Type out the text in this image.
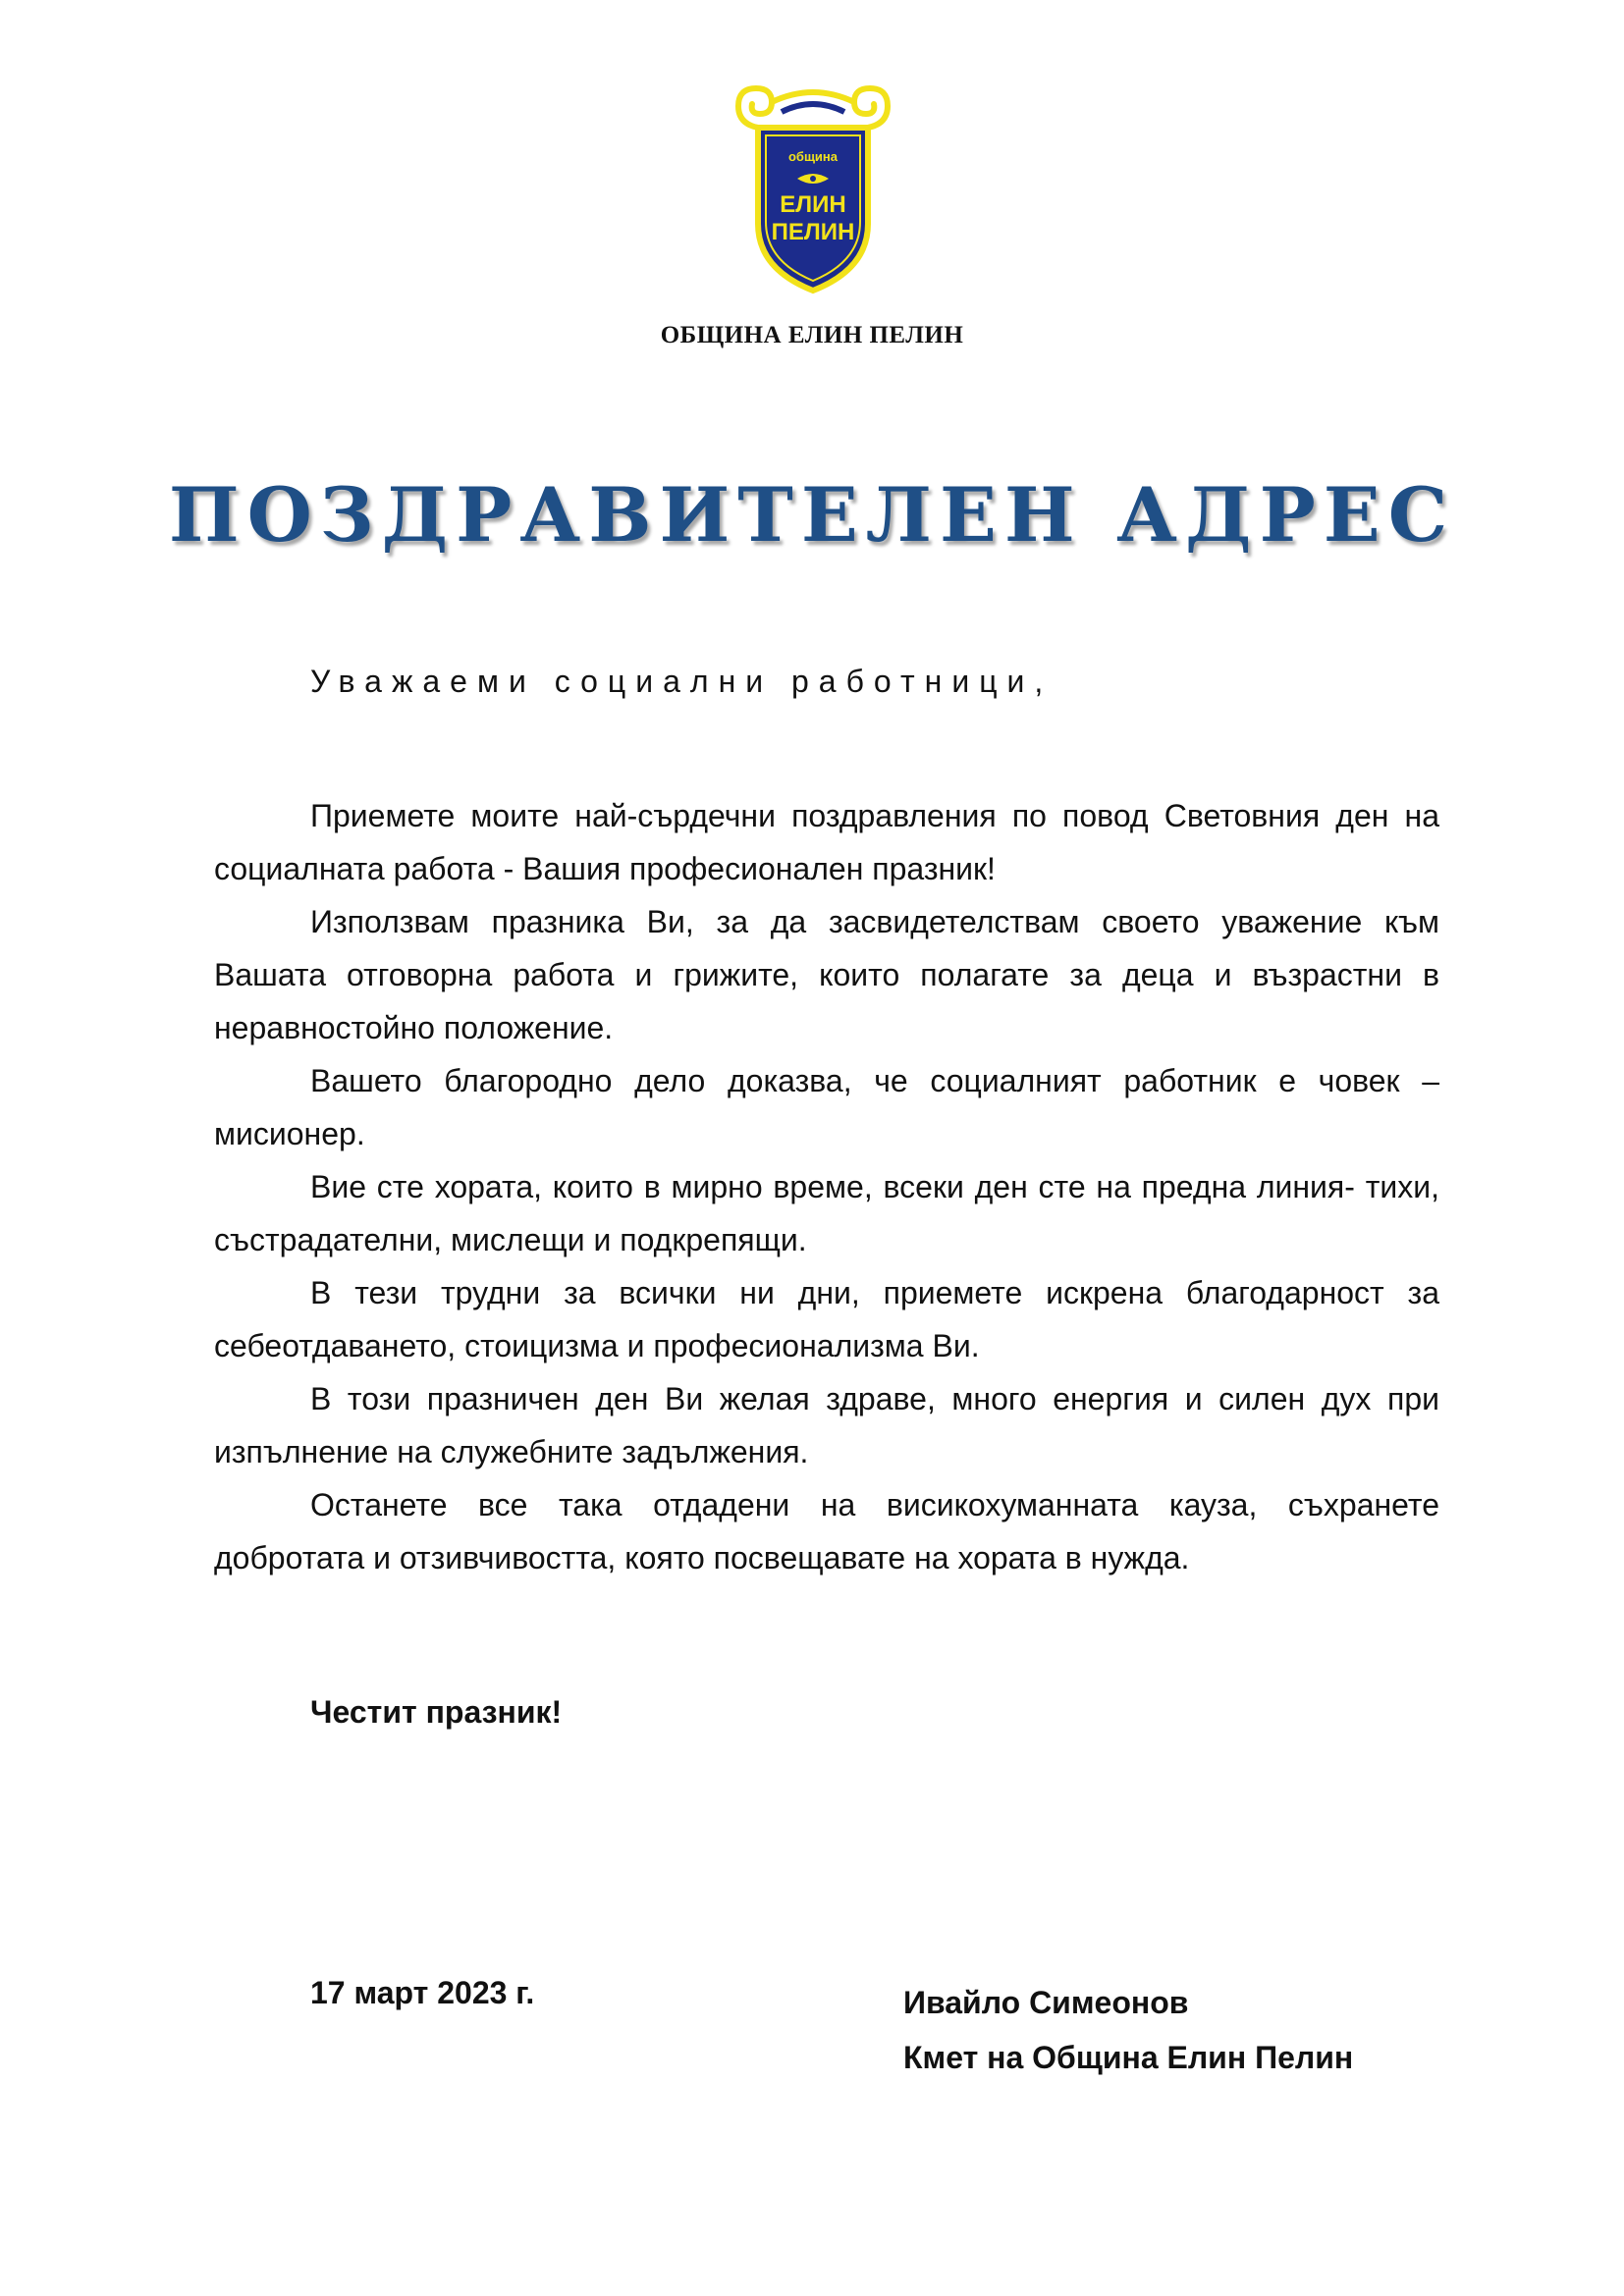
община
ЕЛИН
ПЕЛИН
ОБЩИНА ЕЛИН ПЕЛИН
ПОЗДРАВИТЕЛЕН АДРЕС
Уважаеми социални работници,

Приемете моите най-сърдечни поздравления по повод Световния ден на социалната работа - Вашия професионален празник!

Използвам празника Ви, за да засвидетелствам своето уважение към Вашата отговорна работа и грижите, които полагате за деца и възрастни в неравностойно положение.

Вашето благородно дело доказва, че социалният работник е човек – мисионер.

Вие сте хората, които в мирно време, всеки ден сте на предна линия- тихи, състрадателни, мислещи и подкрепящи.

В тези трудни за всички ни дни, приемете искрена благодарност за себеотдаването, стоицизма и професионализма Ви.

В този празничен ден Ви желая здраве, много енергия и силен дух при изпълнение на служебните задължения.

Останете все така отдадени на висикохуманната кауза, съхранете добротата и отзивчивостта, която посвещавате на хората в нужда.

Честит празник!
17 март 2023 г.	Ивайло Симеонов
Кмет на Община Елин Пелин
